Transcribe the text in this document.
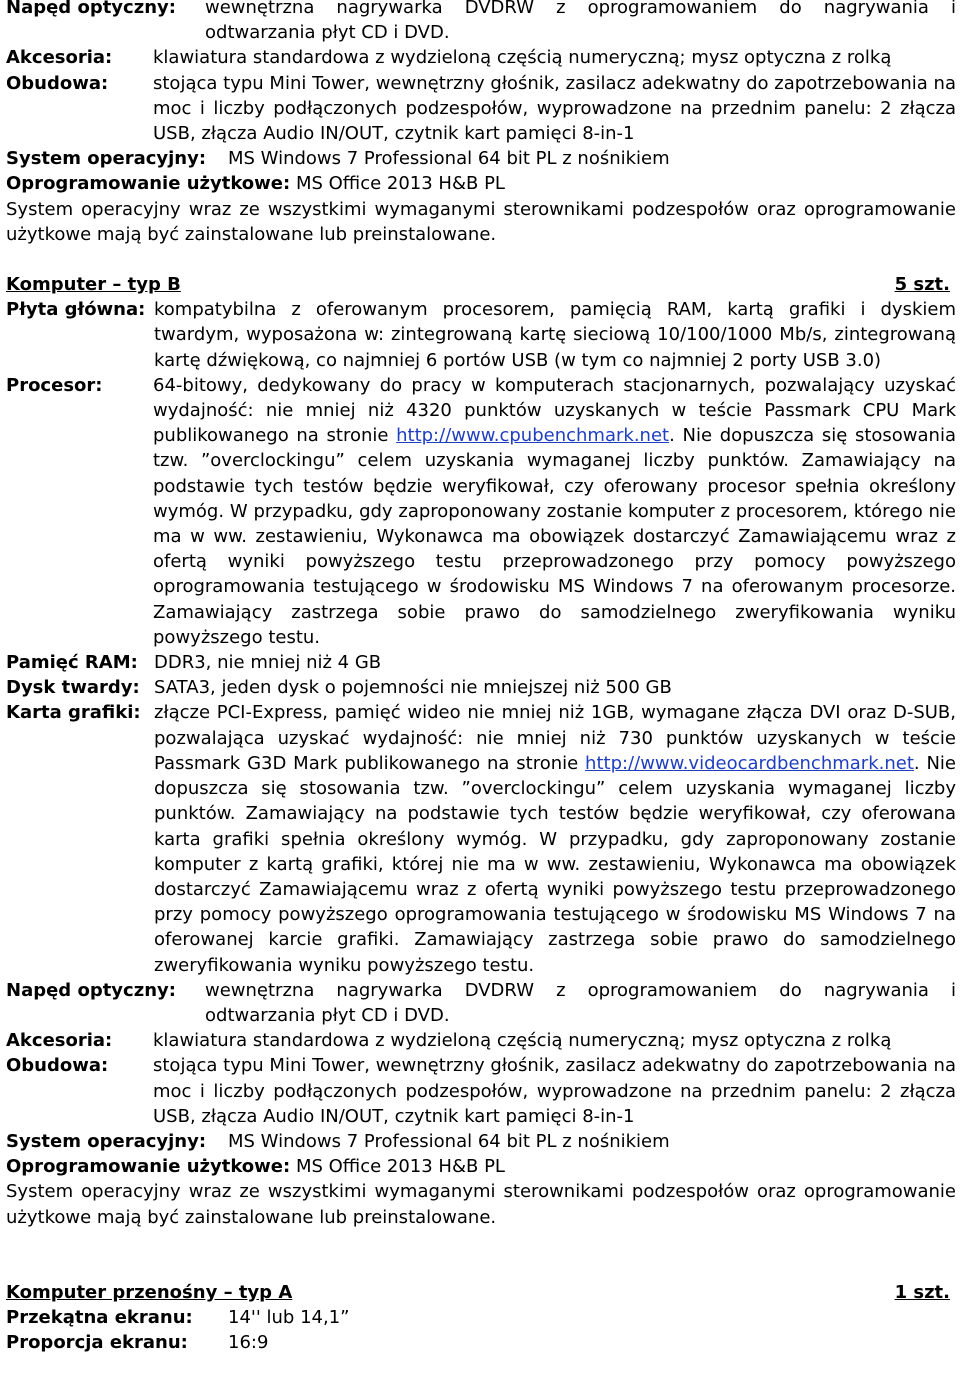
Napęd optyczny:	wewnętrzna nagrywarka DVDRW z oprogramowaniem do nagrywania i odtwarzania płyt CD i DVD.
Akcesoria:	klawiatura standardowa z wydzieloną częścią numeryczną; mysz optyczna z rolką
Obudowa:	stojąca typu Mini Tower, wewnętrzny głośnik, zasilacz adekwatny do zapotrzebowania na moc i liczby podłączonych podzespołów, wyprowadzone na przednim panelu: 2 złącza USB, złącza Audio IN/OUT, czytnik kart pamięci 8-in-1
System operacyjny:	MS Windows 7 Professional 64 bit PL z nośnikiem
Oprogramowanie użytkowe: MS Office 2013 H&B PL
System operacyjny wraz ze wszystkimi wymaganymi sterownikami podzespołów oraz oprogramowanie użytkowe mają być zainstalowane lub preinstalowane.
Komputer – typ B	5 szt.
Płyta główna: kompatybilna z oferowanym procesorem, pamięcią RAM, kartą grafiki i dyskiem twardym, wyposażona w: zintegrowaną kartę sieciową 10/100/1000 Mb/s, zintegrowaną kartę dźwiękową, co najmniej 6 portów USB (w tym co najmniej 2 porty USB 3.0)
Procesor:	64-bitowy, dedykowany do pracy w komputerach stacjonarnych, pozwalający uzyskać wydajność: nie mniej niż 4320 punktów uzyskanych w teście Passmark CPU Mark publikowanego na stronie http://www.cpubenchmark.net. Nie dopuszcza się stosowania tzw. ”overclockingu” celem uzyskania wymaganej liczby punktów. Zamawiający na podstawie tych testów będzie weryfikował, czy oferowany procesor spełnia określony wymóg. W przypadku, gdy zaproponowany zostanie komputer z procesorem, którego nie ma w ww. zestawieniu, Wykonawca ma obowiązek dostarczyć Zamawiającemu wraz z ofertą wyniki powyższego testu przeprowadzonego przy pomocy powyższego oprogramowania testującego w środowisku MS Windows 7 na oferowanym procesorze. Zamawiający zastrzega sobie prawo do samodzielnego zweryfikowania wyniku powyższego testu.
Pamięć RAM: DDR3, nie mniej niż 4 GB
Dysk twardy: SATA3, jeden dysk o pojemności nie mniejszej niż 500 GB
Karta grafiki: złącze PCI-Express, pamięć wideo nie mniej niż 1GB, wymagane złącza DVI oraz D-SUB, pozwalająca uzyskać wydajność: nie mniej niż 730 punktów uzyskanych w teście Passmark G3D Mark publikowanego na stronie http://www.videocardbenchmark.net. Nie dopuszcza się stosowania tzw. ”overclockingu” celem uzyskania wymaganej liczby punktów. Zamawiający na podstawie tych testów będzie weryfikował, czy oferowana karta grafiki spełnia określony wymóg. W przypadku, gdy zaproponowany zostanie komputer z kartą grafiki, której nie ma w ww. zestawieniu, Wykonawca ma obowiązek dostarczyć Zamawiającemu wraz z ofertą wyniki powyższego testu przeprowadzonego przy pomocy powyższego oprogramowania testującego w środowisku MS Windows 7 na oferowanej karcie grafiki. Zamawiający zastrzega sobie prawo do samodzielnego zweryfikowania wyniku powyższego testu.
Napęd optyczny:	wewnętrzna nagrywarka DVDRW z oprogramowaniem do nagrywania i odtwarzania płyt CD i DVD.
Akcesoria:	klawiatura standardowa z wydzieloną częścią numeryczną; mysz optyczna z rolką
Obudowa:	stojąca typu Mini Tower, wewnętrzny głośnik, zasilacz adekwatny do zapotrzebowania na moc i liczby podłączonych podzespołów, wyprowadzone na przednim panelu: 2 złącza USB, złącza Audio IN/OUT, czytnik kart pamięci 8-in-1
System operacyjny:	MS Windows 7 Professional 64 bit PL z nośnikiem
Oprogramowanie użytkowe: MS Office 2013 H&B PL
System operacyjny wraz ze wszystkimi wymaganymi sterownikami podzespołów oraz oprogramowanie użytkowe mają być zainstalowane lub preinstalowane.
Komputer przenośny – typ A	1 szt.
Przekątna ekranu:	14'' lub 14,1”
Proporcja ekranu:	16:9
